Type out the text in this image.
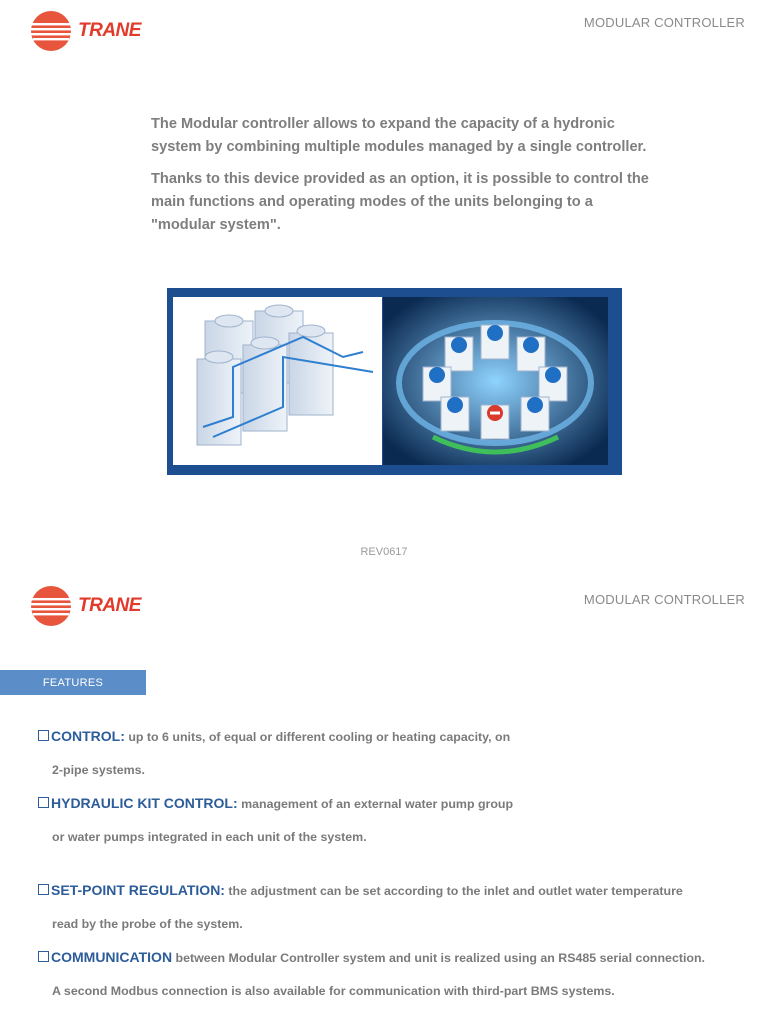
TRANE	MODULAR CONTROLLER

The Modular controller allows to expand the capacity of a hydronic system by combining multiple modules managed by a single controller.

Thanks to this device provided as an option, it is possible to control the main functions and operating modes of the units belonging to a "modular system".

REV0617
TRANE	MODULAR CONTROLLER
FEATURES
CONTROL: up to 6 units, of equal or different cooling or heating capacity, on
2-pipe systems.
HYDRAULIC KIT CONTROL: management of an external water pump group
or water pumps integrated in each unit of the system.
SET-POINT REGULATION: the adjustment can be set according to the inlet and outlet water temperature
read by the probe of the system.
COMMUNICATION between Modular Controller system and unit is realized using an RS485 serial connection.
A second Modbus connection is also available for communication with third-part BMS systems.
